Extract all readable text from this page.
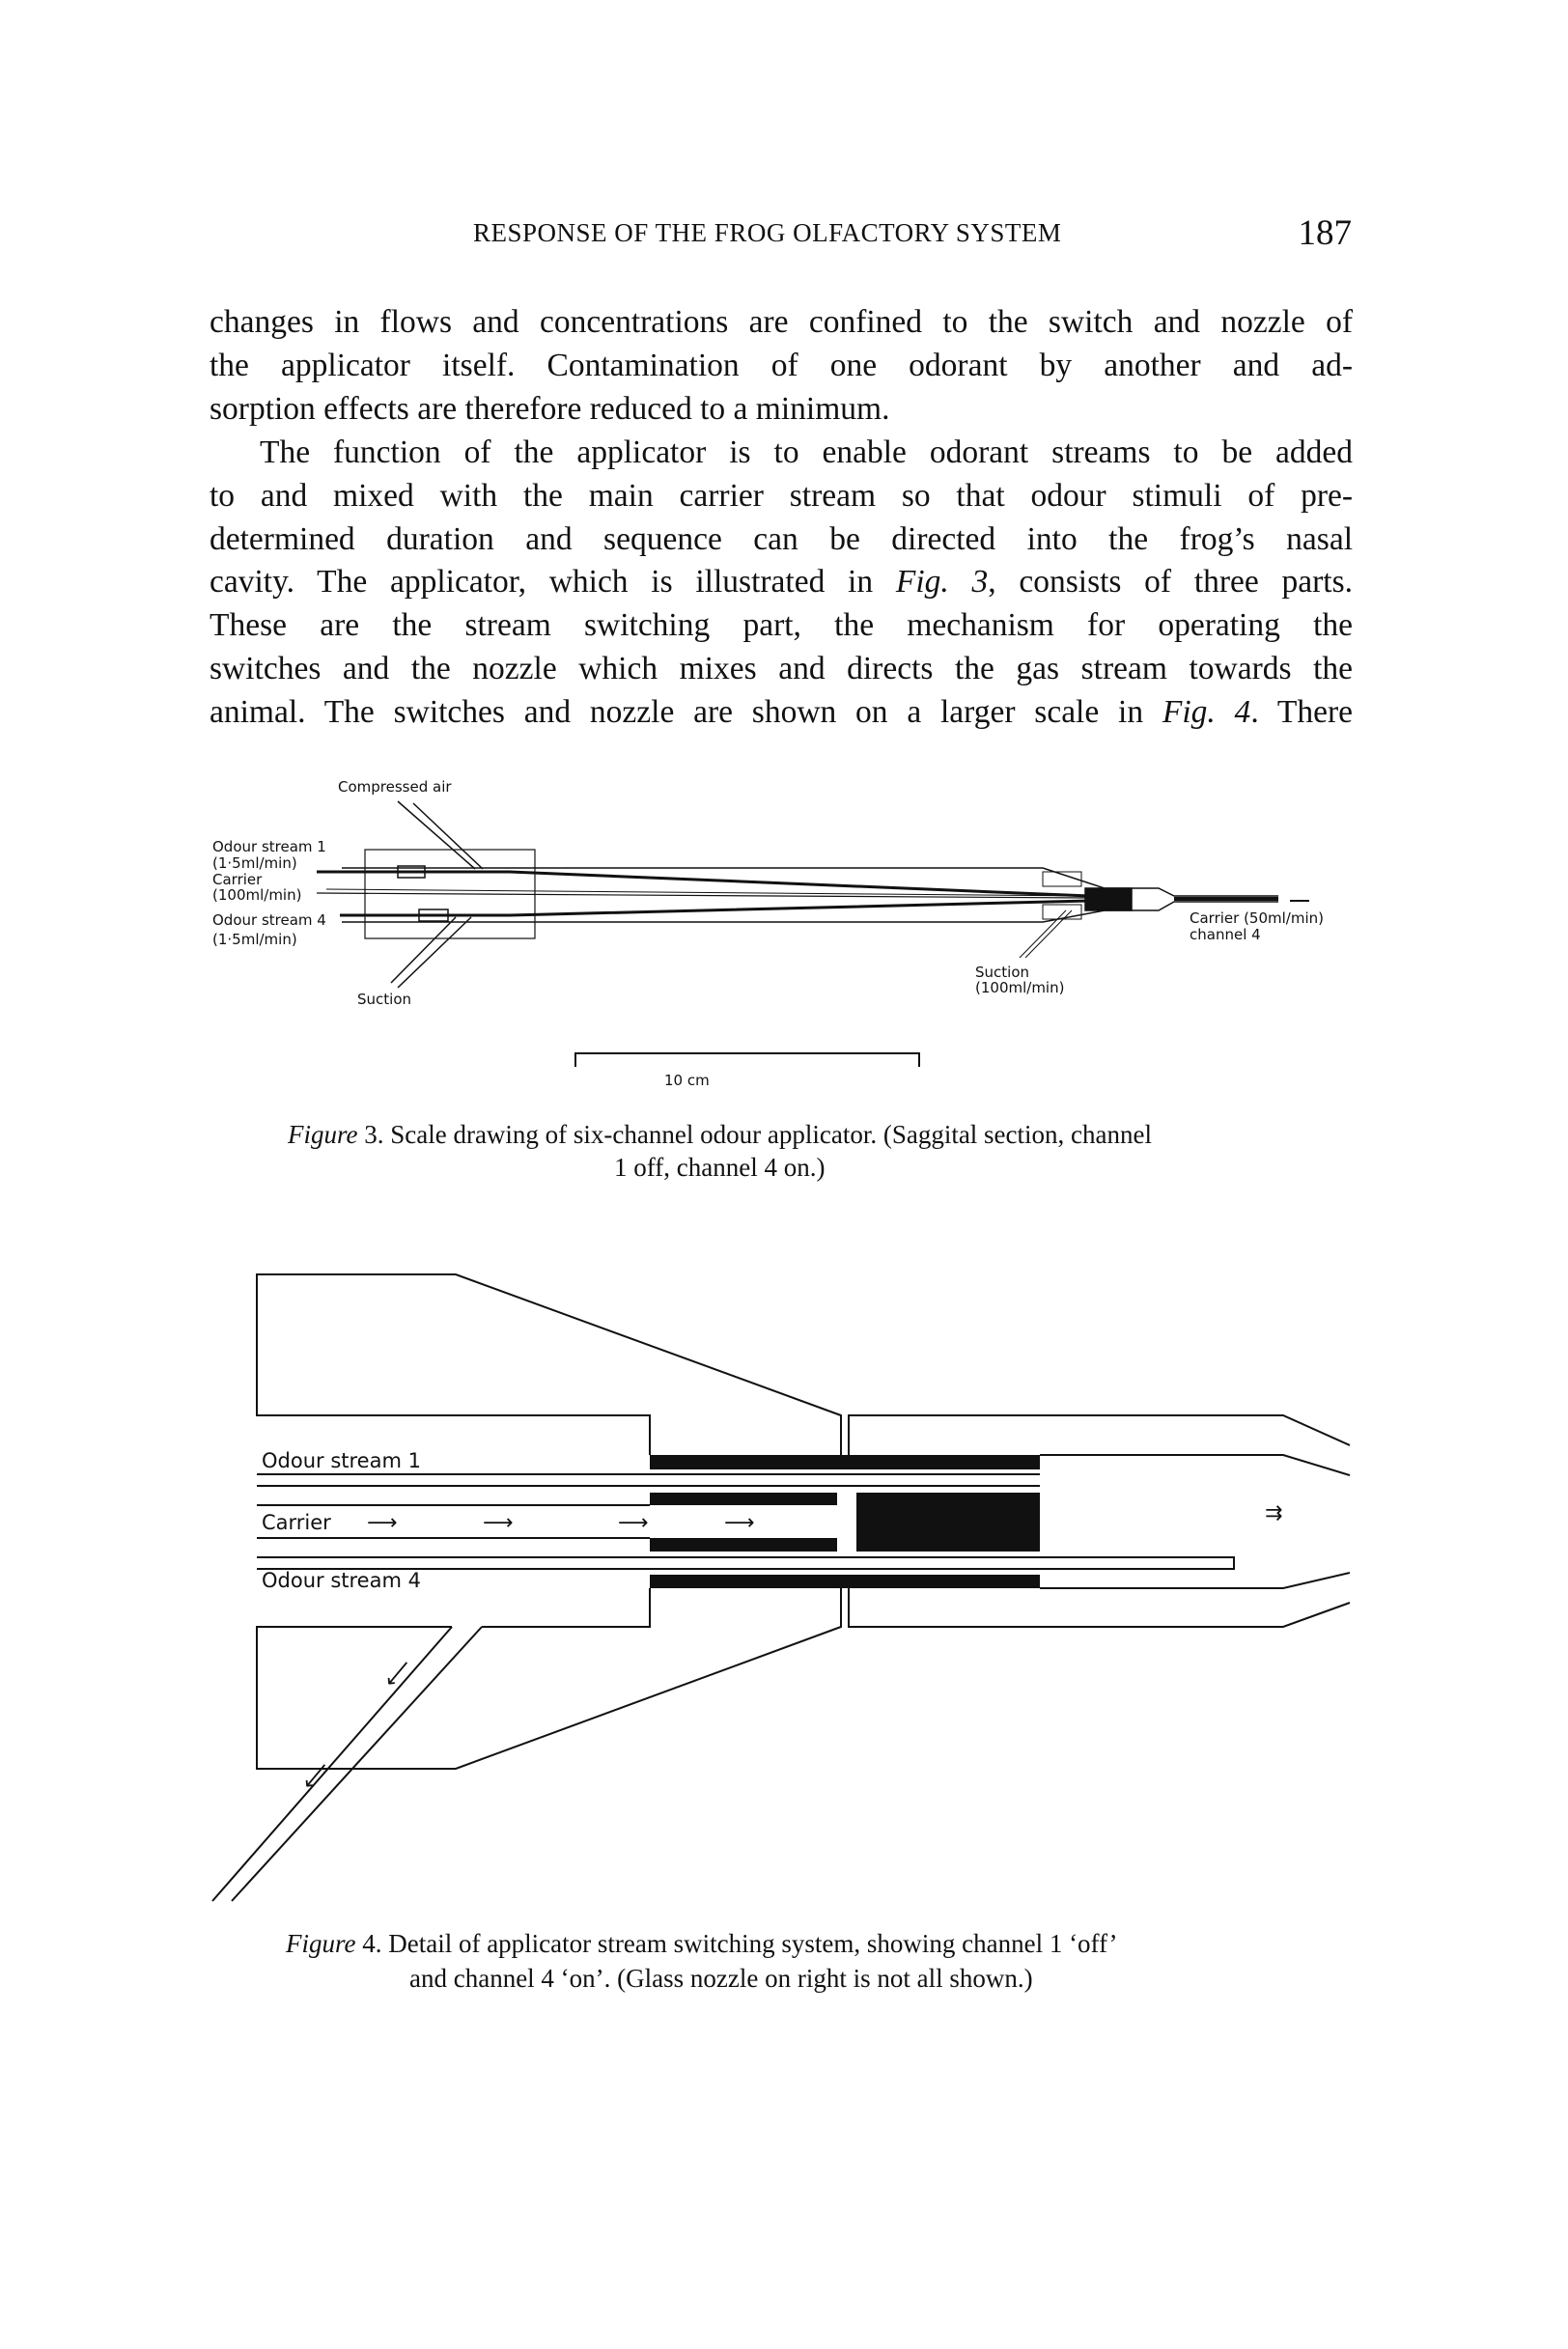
RESPONSE OF THE FROG OLFACTORY SYSTEM	187
changes in flows and concentrations are confined to the switch and nozzle of
the applicator itself. Contamination of one odorant by another and ad-
sorption effects are therefore reduced to a minimum.
The function of the applicator is to enable odorant streams to be added
to and mixed with the main carrier stream so that odour stimuli of pre-
determined duration and sequence can be directed into the frog’s nasal
cavity. The applicator, which is illustrated in Fig. 3, consists of three parts.
These are the stream switching part, the mechanism for operating the
switches and the nozzle which mixes and directs the gas stream towards the
animal. The switches and nozzle are shown on a larger scale in Fig. 4. There
Compressed air
Odour stream 1
(1·5ml/min)
Carrier
(100ml/min)
Odour stream 4
(1·5ml/min)
Suction
Suction
(100ml/min)
Carrier (50ml/min)
channel 4
10 cm
⟶	⟶	⟶	⟶	⇉
⟶
⟶
Odour stream 1
Carrier
Odour stream 4
Figure 3. Scale drawing of six-channel odour applicator. (Saggital section, channel
1 off, channel 4 on.)
Figure 4. Detail of applicator stream switching system, showing channel 1 ‘off’
and channel 4 ‘on’. (Glass nozzle on right is not all shown.)
